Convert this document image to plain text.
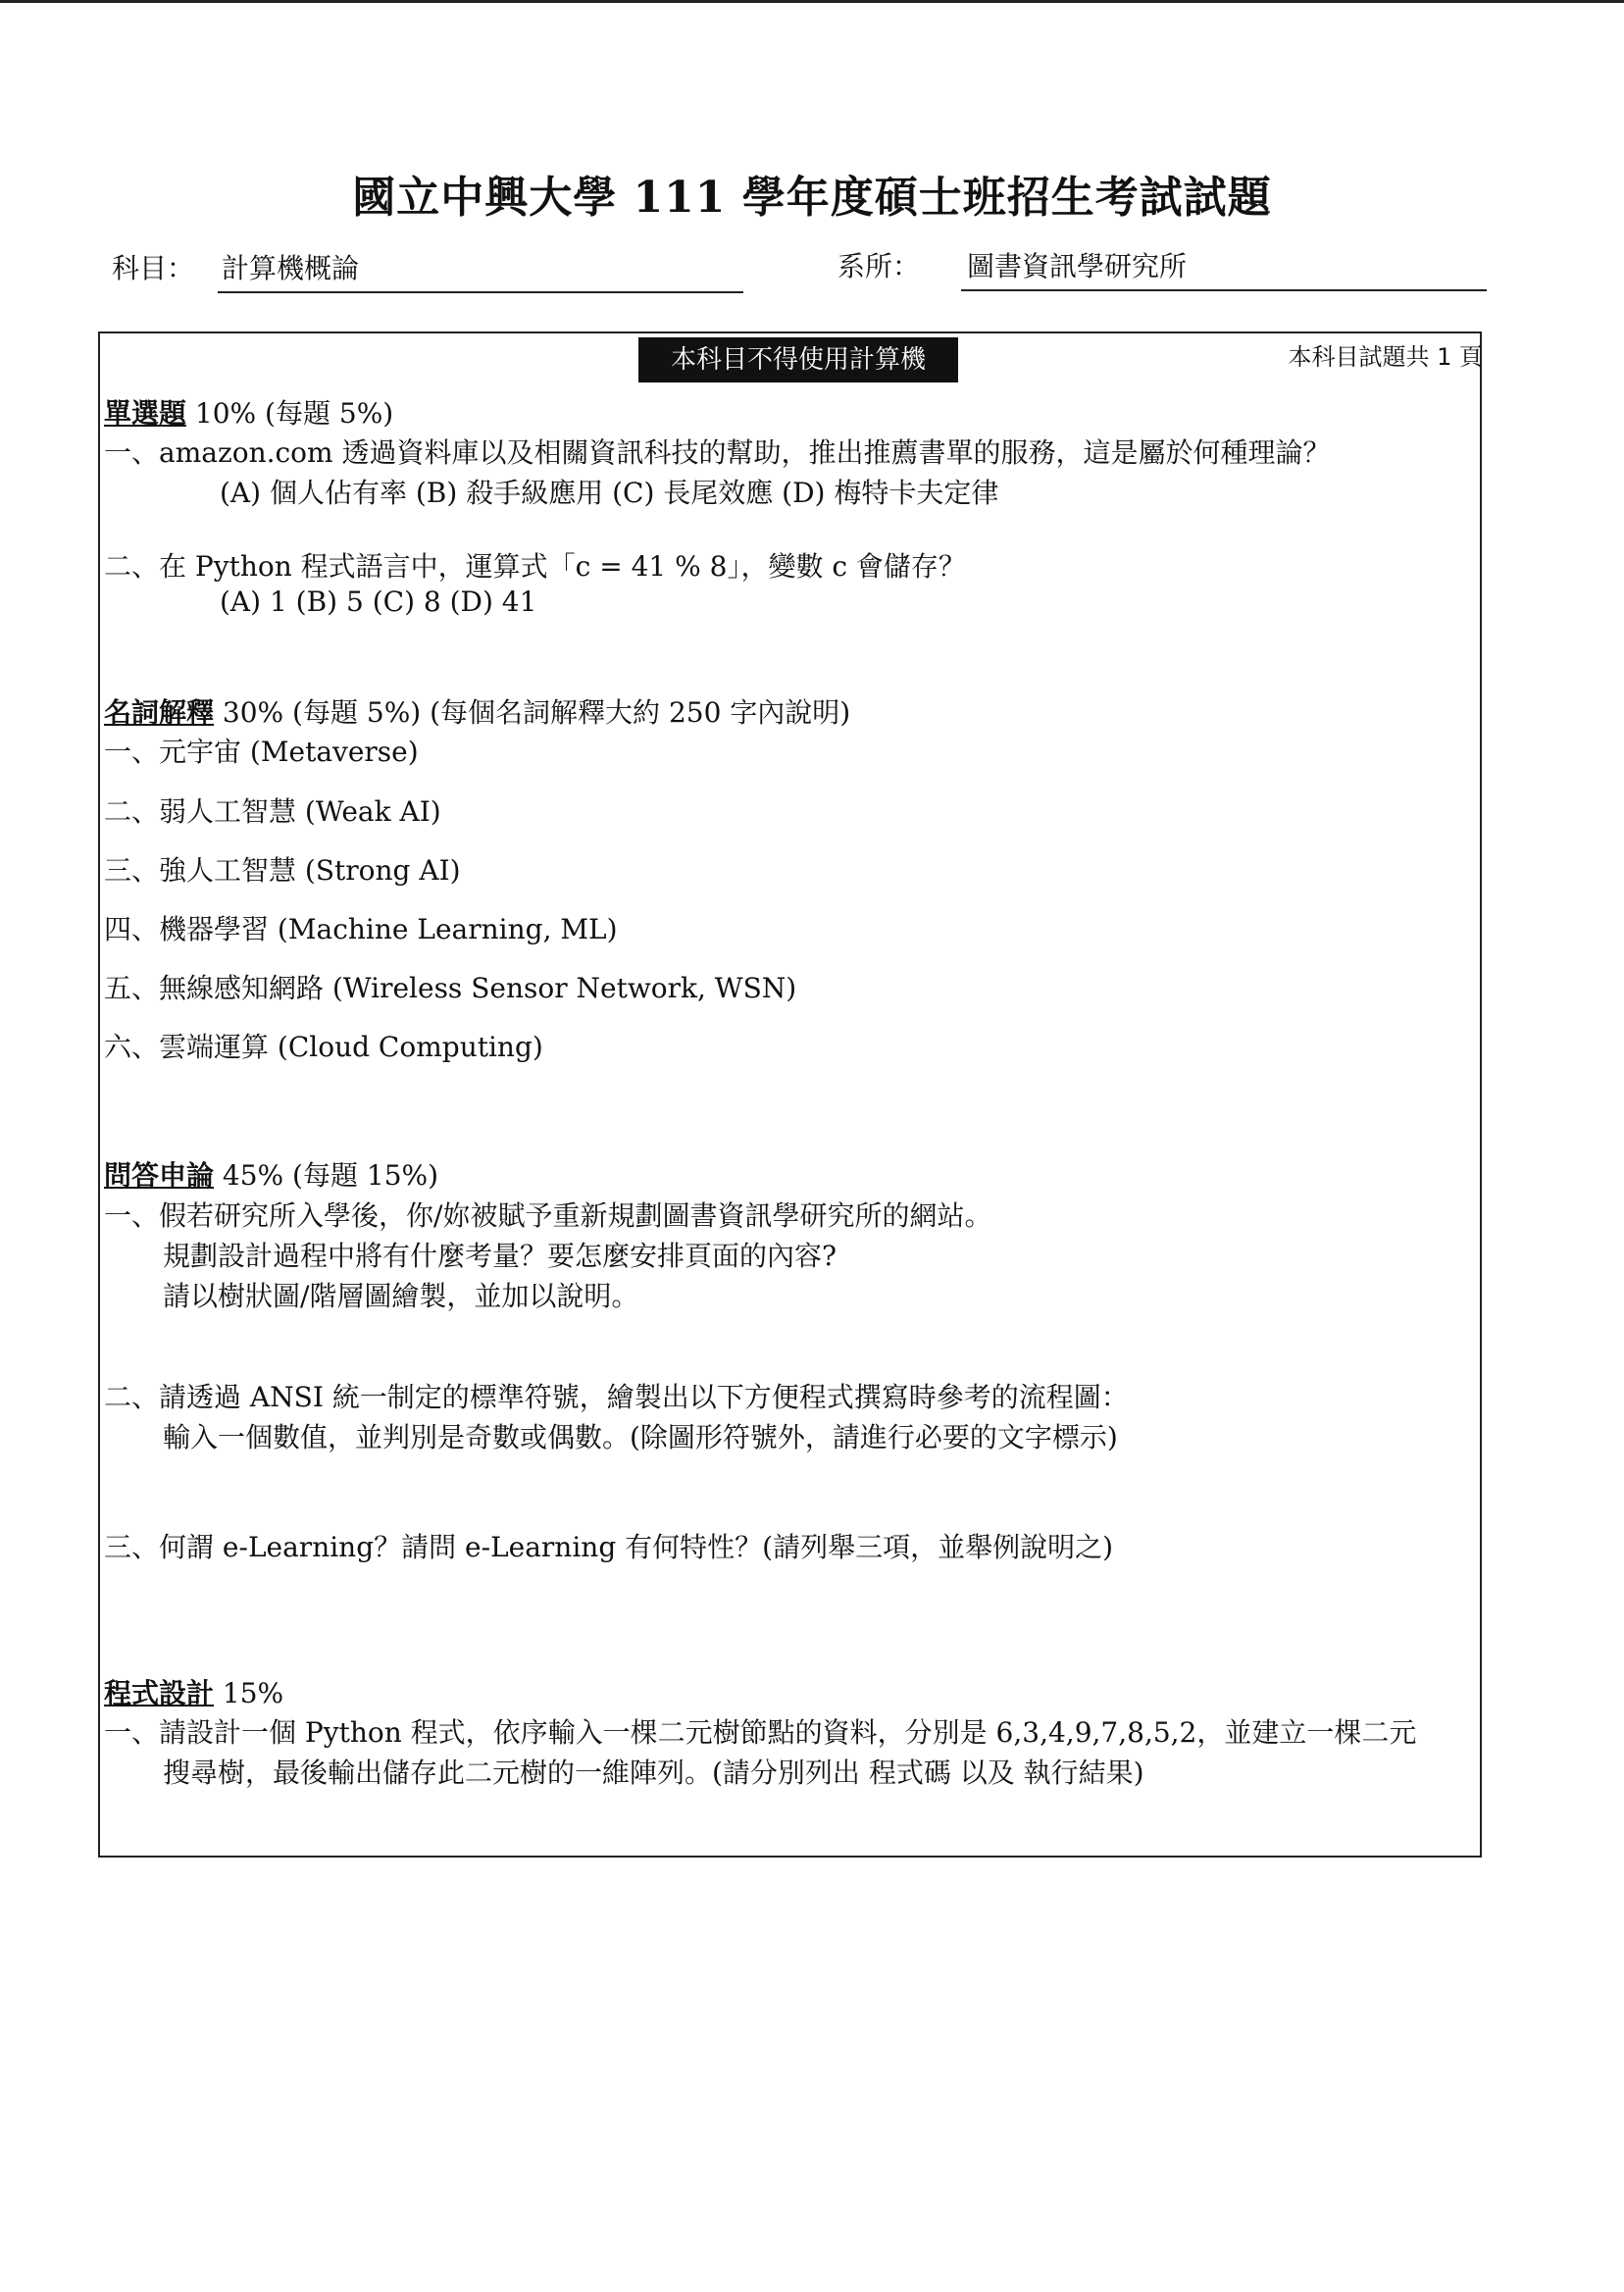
國立中興大學 111 學年度碩士班招生考試試題
科目： 計算機概論	系所： 圖書資訊學研究所
本科目不得使用計算機	本科目試題共 1 頁
單選題 10% (每題 5%)
一、amazon.com 透過資料庫以及相關資訊科技的幫助，推出推薦書單的服務，這是屬於何種理論？
(A) 個人佔有率 (B) 殺手級應用 (C) 長尾效應 (D) 梅特卡夫定律
二、在 Python 程式語言中，運算式「c = 41 % 8」，變數 c 會儲存？
(A) 1 (B) 5 (C) 8 (D) 41
名詞解釋 30% (每題 5%) (每個名詞解釋大約 250 字內說明)
一、元宇宙 (Metaverse)
二、弱人工智慧 (Weak AI)
三、強人工智慧 (Strong AI)
四、機器學習 (Machine Learning, ML)
五、無線感知網路 (Wireless Sensor Network, WSN)
六、雲端運算 (Cloud Computing)
問答申論 45% (每題 15%)
一、假若研究所入學後，你/妳被賦予重新規劃圖書資訊學研究所的網站。
規劃設計過程中將有什麼考量？要怎麼安排頁面的內容?
請以樹狀圖/階層圖繪製，並加以說明。
二、請透過 ANSI 統一制定的標準符號，繪製出以下方便程式撰寫時參考的流程圖：
輸入一個數值，並判別是奇數或偶數。(除圖形符號外，請進行必要的文字標示)
三、何謂 e-Learning？請問 e-Learning 有何特性？(請列舉三項，並舉例說明之)
程式設計 15%
一、請設計一個 Python 程式，依序輸入一棵二元樹節點的資料，分別是 6,3,4,9,7,8,5,2，並建立一棵二元
搜尋樹，最後輸出儲存此二元樹的一維陣列。(請分別列出 程式碼 以及 執行結果)
